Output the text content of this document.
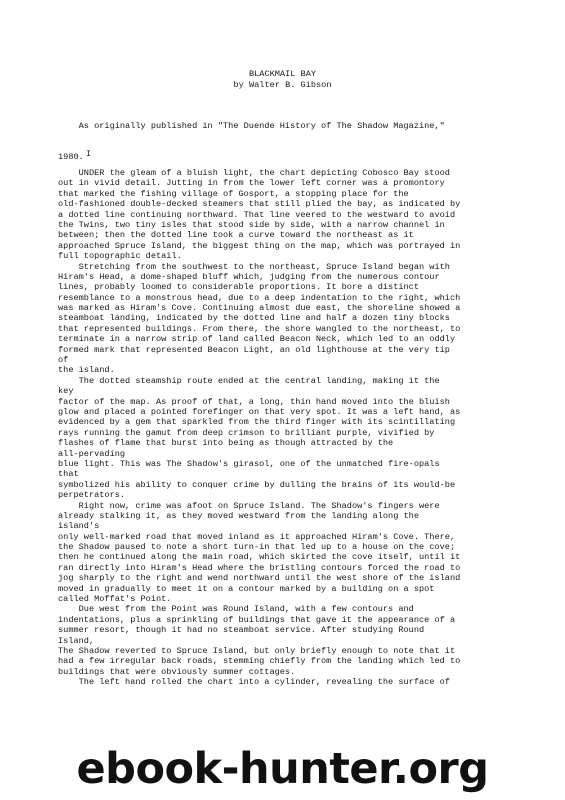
BLACKMAIL BAY
by Walter B. Gibson

As originally published in "The Duende History of The Shadow Magazine,"

1980.

I
UNDER the gleam of a bluish light, the chart depicting Cobosco Bay stood
out in vivid detail. Jutting in from the lower left corner was a promontory
that marked the fishing village of Gosport, a stopping place for the
old-fashioned double-decked steamers that still plied the bay, as indicated by
a dotted line continuing northward. That line veered to the westward to avoid
the Twins, two tiny isles that stood side by side, with a narrow channel in
between; then the dotted line took a curve toward the northeast as it
approached Spruce Island, the biggest thing on the map, which was portrayed in
full topographic detail.
Stretching from the southwest to the northeast, Spruce Island began with
Hiram's Head, a dome-shaped bluff which, judging from the numerous contour
lines, probably loomed to considerable proportions. It bore a distinct
resemblance to a monstrous head, due to a deep indentation to the right, which
was marked as Hiram's Cove. Continuing almost due east, the shoreline showed a
steamboat landing, indicated by the dotted line and half a dozen tiny blocks
that represented buildings. From there, the shore wangled to the northeast, to
terminate in a narrow strip of land called Beacon Neck, which led to an oddly
formed mark that represented Beacon Light, an old lighthouse at the very tip
of
the island.
The dotted steamship route ended at the central landing, making it the
key
factor of the map. As proof of that, a long, thin hand moved into the bluish
glow and placed a pointed forefinger on that very spot. It was a left hand, as
evidenced by a gem that sparkled from the third finger with its scintillating
rays running the gamut from deep crimson to brilliant purple, vivified by
flashes of flame that burst into being as though attracted by the
all-pervading
blue light. This was The Shadow's girasol, one of the unmatched fire-opals
that
symbolized his ability to conquer crime by dulling the brains of its would-be
perpetrators.
Right now, crime was afoot on Spruce Island. The Shadow's fingers were
already stalking it, as they moved westward from the landing along the
island's
only well-marked road that moved inland as it approached Hiram's Cove. There,
the Shadow paused to note a short turn-in that led up to a house on the cove;
then he continued along the main road, which skirted the cove itself, until it
ran directly into Hiram's Head where the bristling contours forced the road to
jog sharply to the right and wend northward until the west shore of the island
moved in gradually to meet it on a contour marked by a building on a spot
called Moffat's Point.
Due west from the Point was Round Island, with a few contours and
indentations, plus a sprinkling of buildings that gave it the appearance of a
summer resort, though it had no steamboat service. After studying Round
Island,
The Shadow reverted to Spruce Island, but only briefly enough to note that it
had a few irregular back roads, stemming chiefly from the landing which led to
buildings that were obviously summer cottages.
The left hand rolled the chart into a cylinder, revealing the surface of
ebook-hunter.org
